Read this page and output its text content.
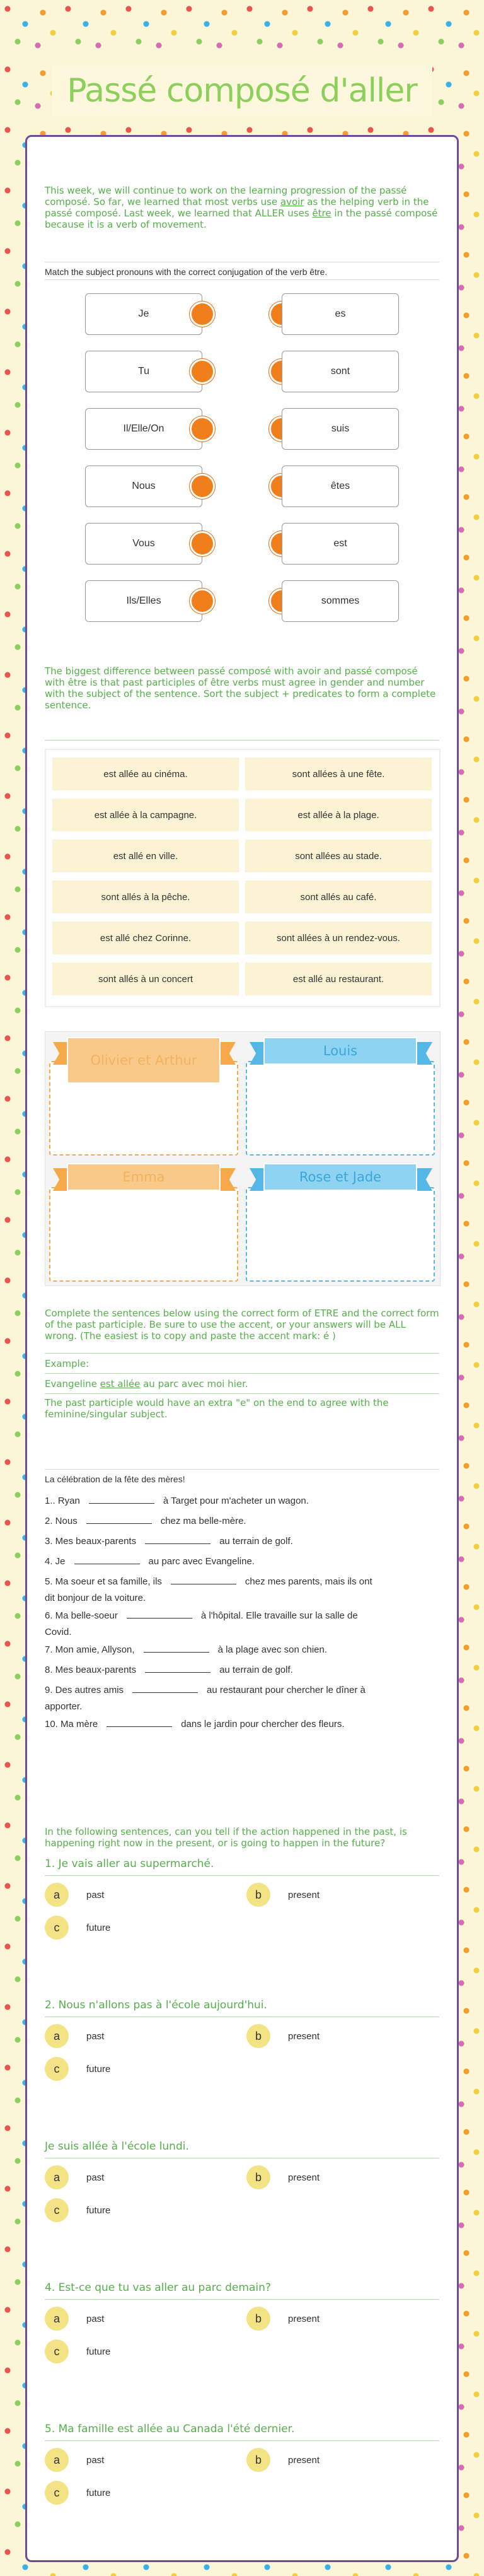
Passé composé d'aller
This week, we will continue to work on the learning progression of the passé composé. So far, we learned that most verbs use avoir as the helping verb in the passé composé. Last week, we learned that ALLER uses être in the passé composé because it is a verb of movement.
Match the subject pronouns with the correct conjugation of the verb être.
Je	es
Tu	sont
Il/Elle/On	suis
Nous	êtes
Vous	est
Ils/Elles	sommes
The biggest difference between passé composé with avoir and passé composé with être is that past participles of être verbs must agree in gender and number with the subject of the sentence. Sort the subject + predicates to form a complete sentence.
est allée au cinéma.	sont allées à une fête.
est allée à la campagne.	est allée à la plage.
est allé en ville.	sont allées au stade.
sont allés à la pêche.	sont allés au café.
est allé chez Corinne.	sont allées à un rendez-vous.
sont allés à un concert	est allé au restaurant.
Olivier et Arthur
Louis
Emma	Rose et Jade
Complete the sentences below using the correct form of ETRE and the correct form of the past participle. Be sure to use the accent, or your answers will be ALL wrong. (The easiest is to copy and paste the accent mark: é )
Example:
Evangeline est allée au parc avec moi hier.
The past participle would have an extra "e" on the end to agree with the feminine/singular subject.
La célébration de la fête des mères!
1.. Ryan	à Target pour m'acheter un wagon.
2. Nous	chez ma belle-mère.
3. Mes beaux-parents	au terrain de golf.
4. Je	au parc avec Evangeline.
5. Ma soeur et sa famille, ils	chez mes parents, mais ils ont
dit bonjour de la voiture.
6. Ma belle-soeur	à l'hôpital. Elle travaille sur la salle de
Covid.
7. Mon amie, Allyson,	à la plage avec son chien.
8. Mes beaux-parents	au terrain de golf.
9. Des autres amis	au restaurant pour chercher le dîner à
apporter.
10. Ma mère	dans le jardin pour chercher des fleurs.
In the following sentences, can you tell if the action happened in the past, is happening right now in the present, or is going to happen in the future?
1. Je vais aller au supermarché.
a	past	b	present
c	future
2. Nous n'allons pas à l'école aujourd'hui.
a	past	b	present
c	future
Je suis allée à l'école lundi.
a	past	b	present
c	future
4. Est-ce que tu vas aller au parc demain?
a	past	b	present
c	future
5. Ma famille est allée au Canada l'été dernier.
a	past	b	present
c	future
